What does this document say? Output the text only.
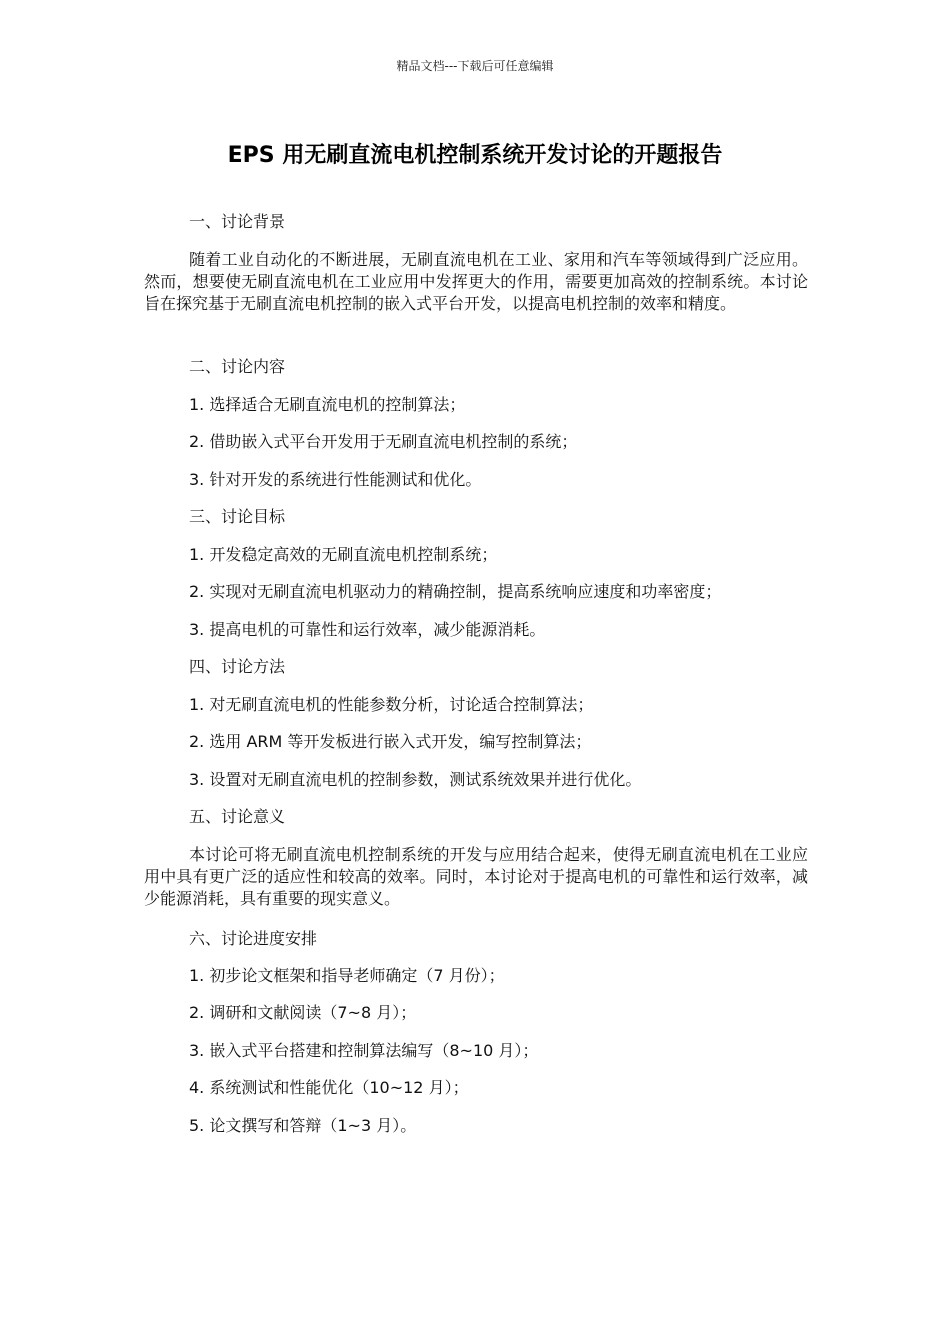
精品文档---下载后可任意编辑
EPS 用无刷直流电机控制系统开发讨论的开题报告
一、讨论背景
随着工业自动化的不断进展，无刷直流电机在工业、家用和汽车等领域得到广泛应用。然而，想要使无刷直流电机在工业应用中发挥更大的作用，需要更加高效的控制系统。本讨论旨在探究基于无刷直流电机控制的嵌入式平台开发，以提高电机控制的效率和精度。
二、讨论内容
1. 选择适合无刷直流电机的控制算法；
2. 借助嵌入式平台开发用于无刷直流电机控制的系统；
3. 针对开发的系统进行性能测试和优化。
三、讨论目标
1. 开发稳定高效的无刷直流电机控制系统；
2. 实现对无刷直流电机驱动力的精确控制，提高系统响应速度和功率密度；
3. 提高电机的可靠性和运行效率，减少能源消耗。
四、讨论方法
1. 对无刷直流电机的性能参数分析，讨论适合控制算法；
2. 选用 ARM 等开发板进行嵌入式开发，编写控制算法；
3. 设置对无刷直流电机的控制参数，测试系统效果并进行优化。
五、讨论意义
本讨论可将无刷直流电机控制系统的开发与应用结合起来，使得无刷直流电机在工业应用中具有更广泛的适应性和较高的效率。同时，本讨论对于提高电机的可靠性和运行效率，减少能源消耗，具有重要的现实意义。
六、讨论进度安排
1. 初步论文框架和指导老师确定（7 月份）；
2. 调研和文献阅读（7~8 月）；
3. 嵌入式平台搭建和控制算法编写（8~10 月）；
4. 系统测试和性能优化（10~12 月）；
5. 论文撰写和答辩（1~3 月）。
